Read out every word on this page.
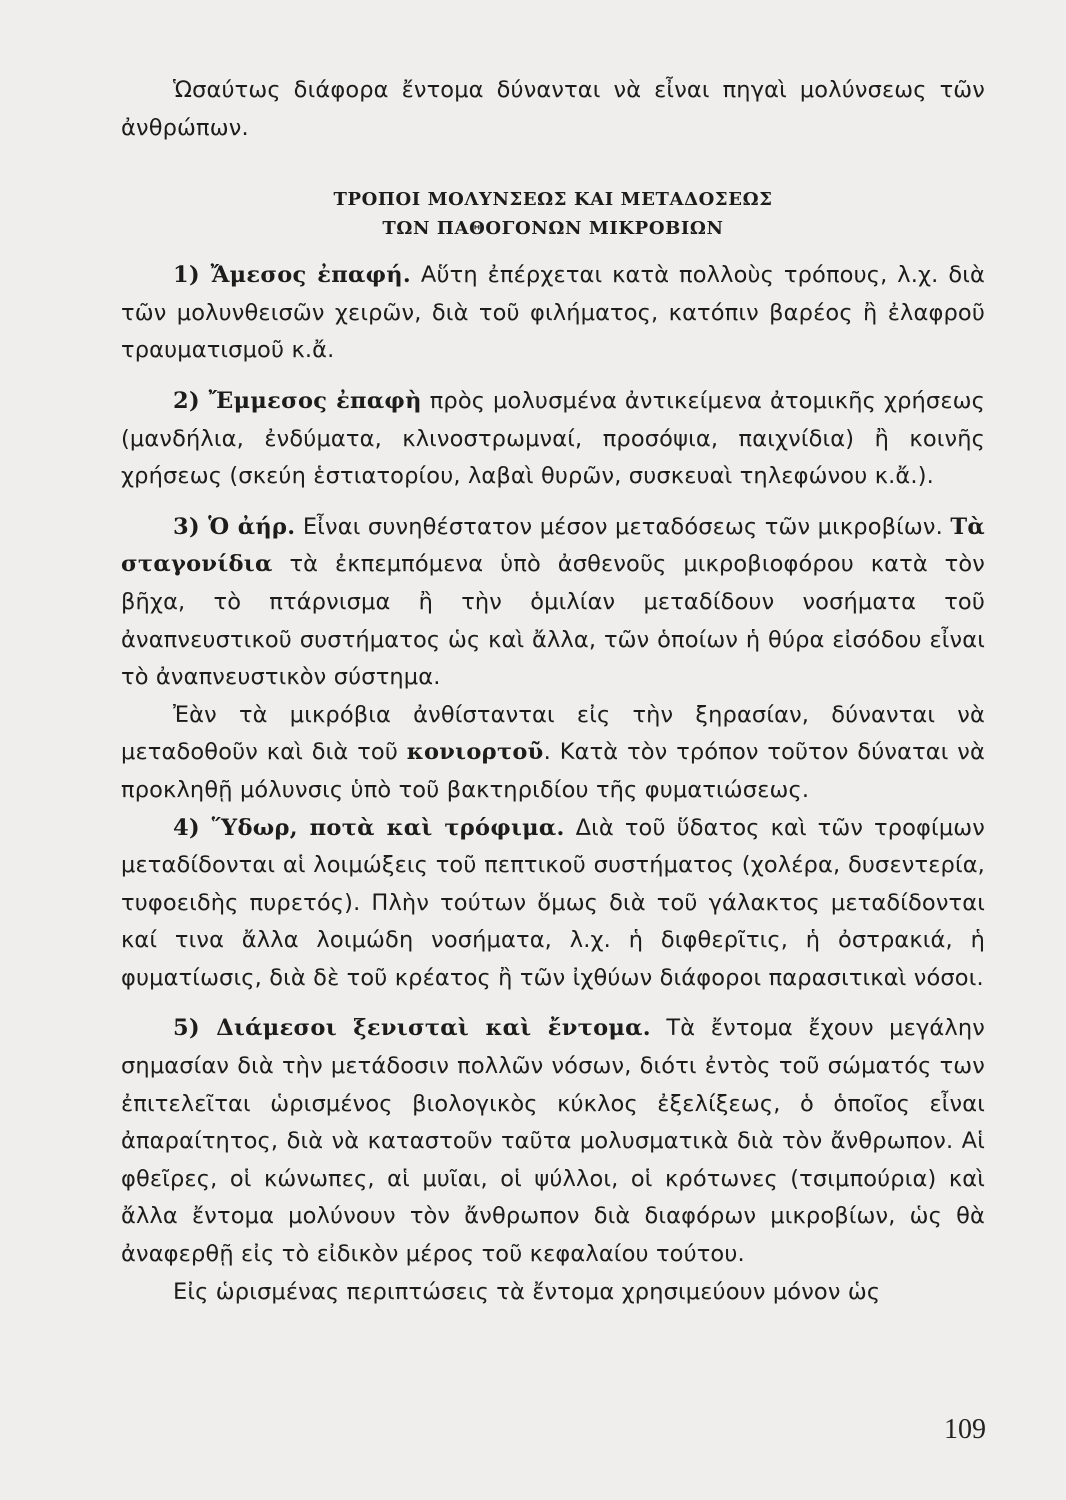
Ὡσαύτως διάφορα ἔντομα δύνανται νὰ εἶναι πηγαὶ μολύνσεως τῶν ἀνθρώπων.

ΤΡΟΠΟΙ ΜΟΛΥΝΣΕΩΣ ΚΑΙ ΜΕΤΑΔΟΣΕΩΣ
ΤΩΝ ΠΑΘΟΓΟΝΩΝ ΜΙΚΡΟΒΙΩΝ

1) Ἄμεσος ἐπαφή. Αὕτη ἐπέρχεται κατὰ πολλοὺς τρόπους, λ.χ. διὰ τῶν μολυνθεισῶν χειρῶν, διὰ τοῦ φιλήματος, κατόπιν βαρέος ἢ ἐλαφροῦ τραυματισμοῦ κ.ἄ.

2) Ἔμμεσος ἐπαφὴ πρὸς μολυσμένα ἀντικείμενα ἀτομικῆς χρήσεως (μανδήλια, ἐνδύματα, κλινοστρωμναί, προσόψια, παιχνίδια) ἢ κοινῆς χρήσεως (σκεύη ἑστιατορίου, λαβαὶ θυρῶν, συσκευαὶ τηλεφώνου κ.ἄ.).

3) Ὁ ἀήρ. Εἶναι συνηθέστατον μέσον μεταδόσεως τῶν μικροβίων. Τὰ σταγονίδια τὰ ἐκπεμπόμενα ὑπὸ ἀσθενοῦς μικροβιοφόρου κατὰ τὸν βῆχα, τὸ πτάρνισμα ἢ τὴν ὁμιλίαν μεταδίδουν νοσήματα τοῦ ἀναπνευστικοῦ συστήματος ὡς καὶ ἄλλα, τῶν ὁποίων ἡ θύρα εἰσόδου εἶναι τὸ ἀναπνευστικὸν σύστημα.

Ἐὰν τὰ μικρόβια ἀνθίστανται εἰς τὴν ξηρασίαν, δύνανται νὰ μεταδοθοῦν καὶ διὰ τοῦ κονιορτοῦ. Κατὰ τὸν τρόπον τοῦτον δύναται νὰ προκληθῇ μόλυνσις ὑπὸ τοῦ βακτηριδίου τῆς φυματιώσεως.

4) Ὕδωρ, ποτὰ καὶ τρόφιμα. Διὰ τοῦ ὕδατος καὶ τῶν τροφίμων μεταδίδονται αἱ λοιμώξεις τοῦ πεπτικοῦ συστήματος (χολέρα, δυσεντερία, τυφοειδὴς πυρετός). Πλὴν τούτων ὅμως διὰ τοῦ γάλακτος μεταδίδονται καί τινα ἄλλα λοιμώδη νοσήματα, λ.χ. ἡ διφθερῖτις, ἡ ὀστρακιά, ἡ φυματίωσις, διὰ δὲ τοῦ κρέατος ἢ τῶν ἰχθύων διάφοροι παρασιτικαὶ νόσοι.

5) Διάμεσοι ξενισταὶ καὶ ἔντομα. Τὰ ἔντομα ἔχουν μεγάλην σημασίαν διὰ τὴν μετάδοσιν πολλῶν νόσων, διότι ἐντὸς τοῦ σώματός των ἐπιτελεῖται ὡρισμένος βιολογικὸς κύκλος ἐξελίξεως, ὁ ὁποῖος εἶναι ἀπαραίτητος, διὰ νὰ καταστοῦν ταῦτα μολυσματικὰ διὰ τὸν ἄνθρωπον. Αἱ φθεῖρες, οἱ κώνωπες, αἱ μυῖαι, οἱ ψύλλοι, οἱ κρότωνες (τσιμπούρια) καὶ ἄλλα ἔντομα μολύνουν τὸν ἄνθρωπον διὰ διαφόρων μικροβίων, ὡς θὰ ἀναφερθῇ εἰς τὸ εἰδικὸν μέρος τοῦ κεφαλαίου τούτου.

Εἰς ὡρισμένας περιπτώσεις τὰ ἔντομα χρησιμεύουν μόνον ὡς

109
